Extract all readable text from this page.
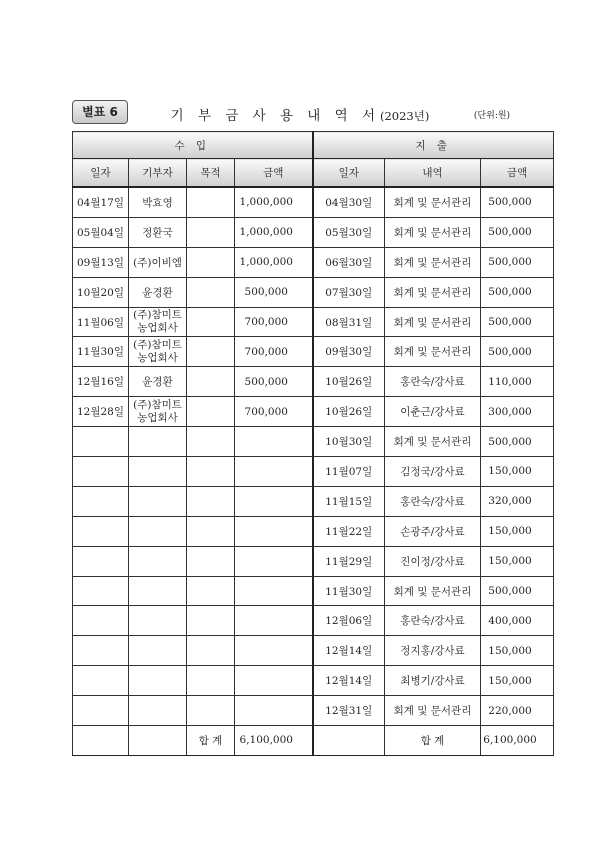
별표 6	기 부 금 사 용 내 역 서(2023년)	(단위:원)
수 입				지 출		
일자	기부자	목적	금액	일자	내역	금액
04월17일	박효영		1,000,000	04월30일	회계 및 문서관리	500,000
05월04일	정환국		1,000,000	05월30일	회계 및 문서관리	500,000
09월13일	(주)이비엠		1,000,000	06월30일	회계 및 문서관리	500,000
10월20일	윤경환		500,000	07월30일	회계 및 문서관리	500,000
11월06일	(주)참미트
농업회사		700,000	08월31일	회계 및 문서관리	500,000
11월30일	(주)참미트
농업회사		700,000	09월30일	회계 및 문서관리	500,000
12월16일	윤경환		500,000	10월26일	홍란숙/강사료	110,000
12월28일	(주)참미트
농업회사		700,000	10월26일	이춘근/강사료	300,000
				10월30일	회계 및 문서관리	500,000
				11월07일	김정국/강사료	150,000
				11월15일	홍란숙/강사료	320,000
				11월22일	손광주/강사료	150,000
				11월29일	진이정/강사료	150,000
				11월30일	회계 및 문서관리	500,000
				12월06일	홍란숙/강사료	400,000
				12월14일	정지홍/강사료	150,000
				12월14일	최병기/강사료	150,000
				12월31일	회계 및 문서관리	220,000
		합 계	6,100,000		합 계	6,100,000
